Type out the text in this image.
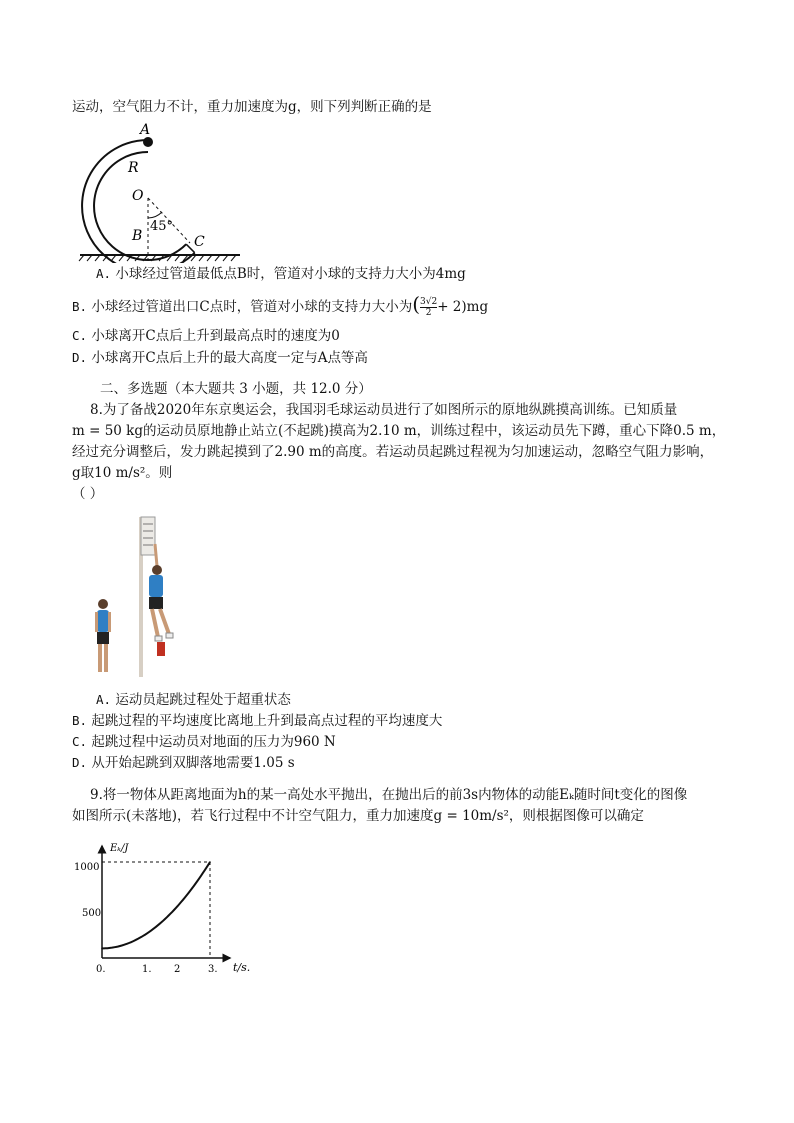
运动，空气阻力不计，重力加速度为g，则下列判断正确的是
A
R
O
B	C
45°
A. 小球经过管道最低点B时，管道对小球的支持力大小为4mg
B. 小球经过管道出口C点时，管道对小球的支持力大小为( $\frac{3√2}{2} + 2)mg$
C. 小球离开C点后上升到最高点时的速度为0
D. 小球离开C点后上升的最大高度一定与A点等高
二、多选题（本大题共 3 小题，共 12.0 分）
8.为了备战2020年东京奥运会，我国羽毛球运动员进行了如图所示的原地纵跳摸高训练。已知质量
m = 50 kg的运动员原地静止站立(不起跳)摸高为2.10 m，训练过程中，该运动员先下蹲，重心下降0.5 m，
经过充分调整后，发力跳起摸到了2.90 m的高度。若运动员起跳过程视为匀加速运动，忽略空气阻力影响，
g取10 m/s²。则
（ ）
A. 运动员起跳过程处于超重状态
B. 起跳过程的平均速度比离地上升到最高点过程的平均速度大
C. 起跳过程中运动员对地面的压力为960 N
D. 从开始起跳到双脚落地需要1.05 s
9.将一物体从距离地面为h的某一高处水平抛出，在抛出后的前3s内物体的动能Eₖ随时间t变化的图像
如图所示(未落地)，若飞行过程中不计空气阻力，重力加速度g = 10m/s²，则根据图像可以确定
Eₖ/J
t/s.
1000
500
0.	1. 2	3.
